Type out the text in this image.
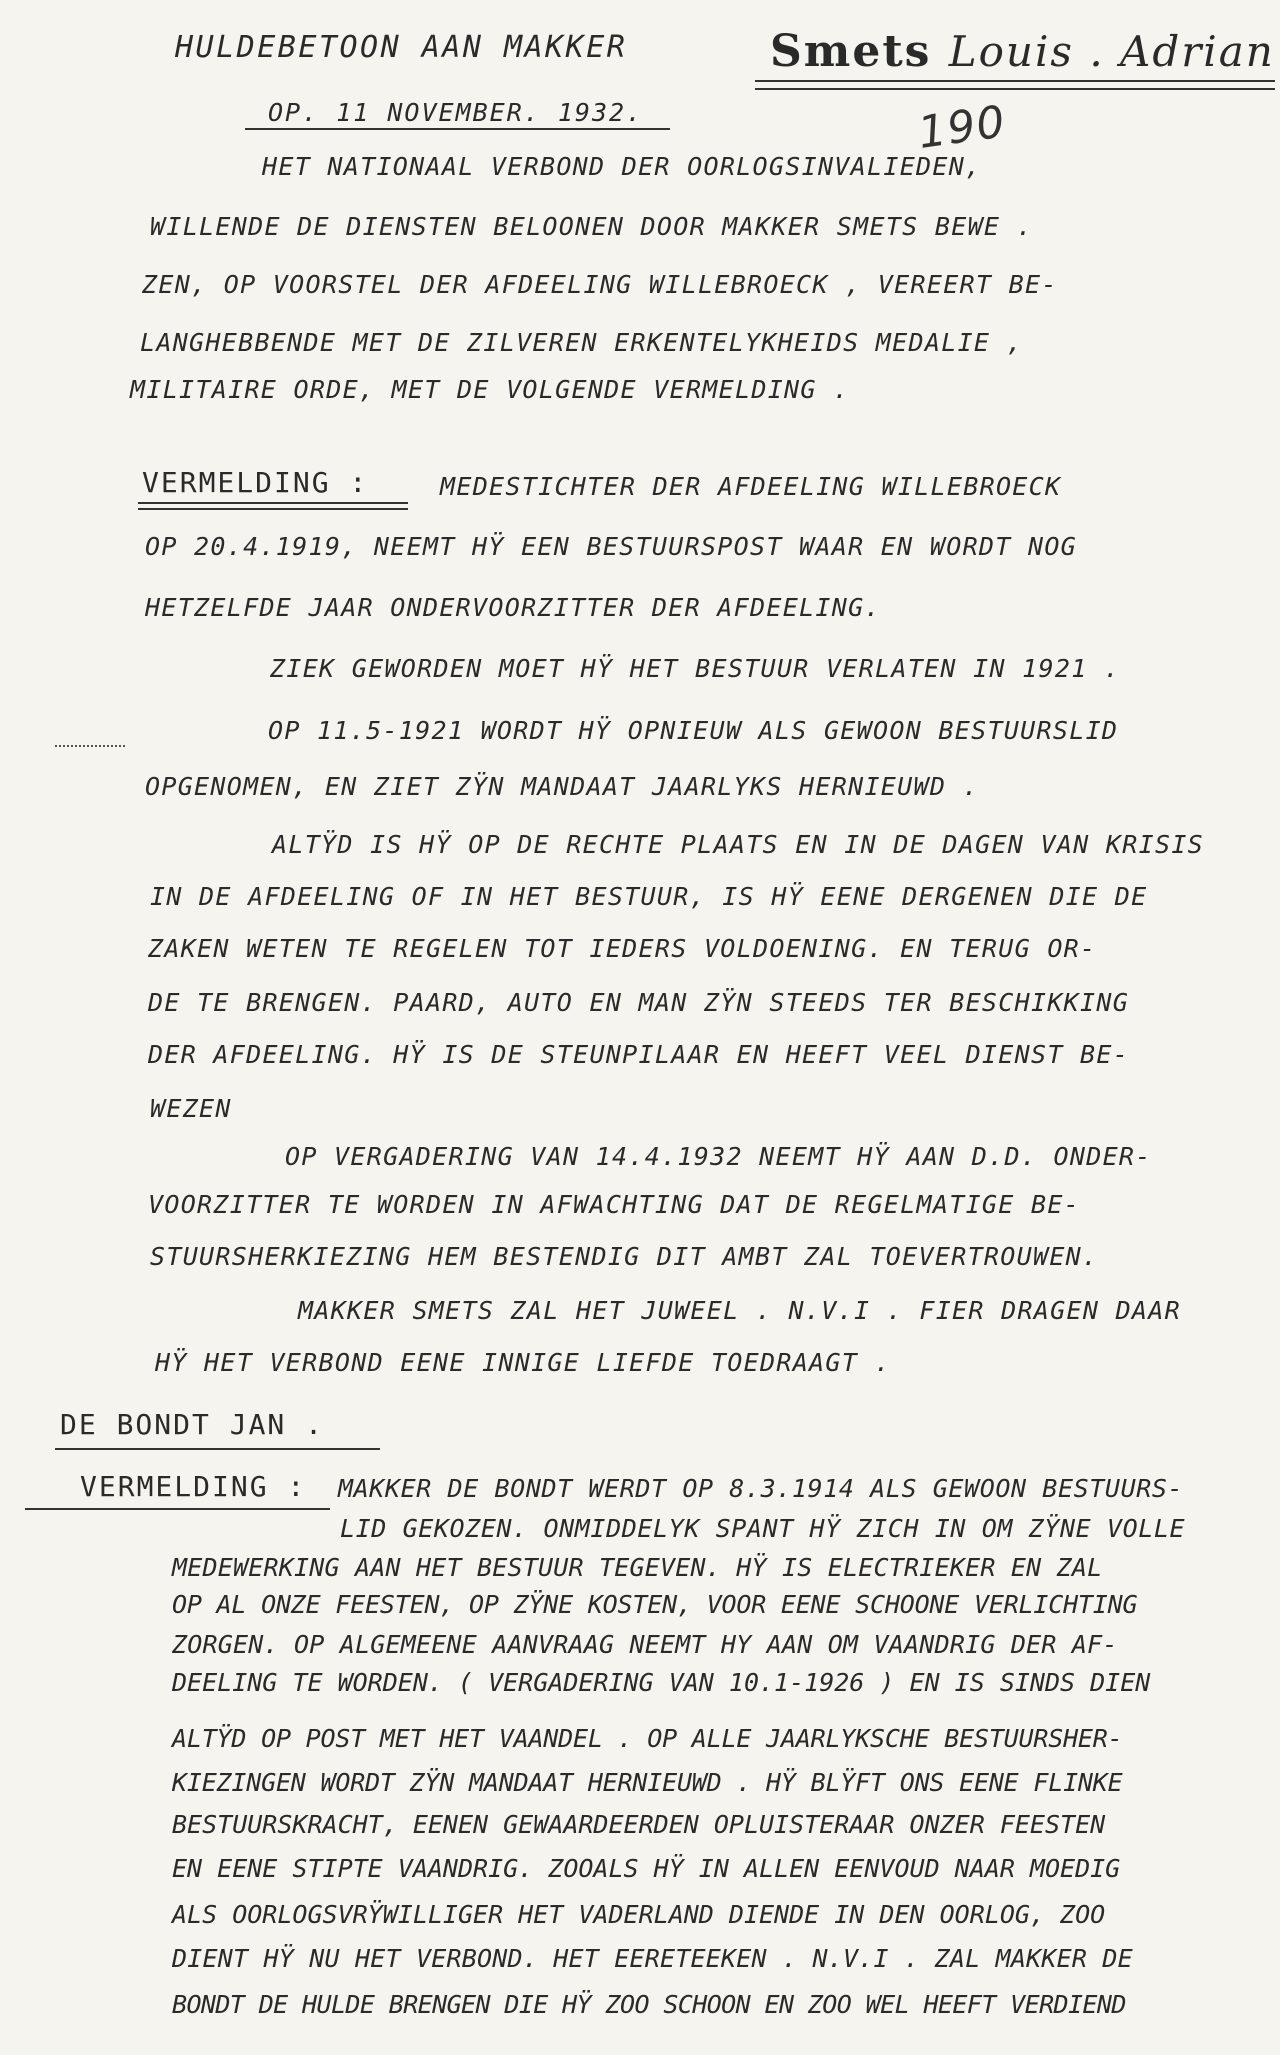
HULDEBETOON AAN MAKKER	Smets Louis . Adrian
OP. 11 NOVEMBER. 1932.	190
HET NATIONAAL VERBOND DER OORLOGSINVALIEDEN,
WILLENDE DE DIENSTEN BELOONEN DOOR MAKKER SMETS BEWE .
ZEN, OP VOORSTEL DER AFDEELING WILLEBROECK , VEREERT BE-
LANGHEBBENDE MET DE ZILVEREN ERKENTELYKHEIDS MEDALIE ,
MILITAIRE ORDE, MET DE VOLGENDE VERMELDING .
VERMELDING :	MEDESTICHTER DER AFDEELING WILLEBROECK
OP 20.4.1919, NEEMT HŸ EEN BESTUURSPOST WAAR EN WORDT NOG
HETZELFDE JAAR ONDERVOORZITTER DER AFDEELING.
ZIEK GEWORDEN MOET HŸ HET BESTUUR VERLATEN IN 1921 .
OP 11.5-1921 WORDT HŸ OPNIEUW ALS GEWOON BESTUURSLID
OPGENOMEN, EN ZIET ZŸN MANDAAT JAARLYKS HERNIEUWD .
ALTŸD IS HŸ OP DE RECHTE PLAATS EN IN DE DAGEN VAN KRISIS
IN DE AFDEELING OF IN HET BESTUUR, IS HŸ EENE DERGENEN DIE DE
ZAKEN WETEN TE REGELEN TOT IEDERS VOLDOENING. EN TERUG OR-
DE TE BRENGEN. PAARD, AUTO EN MAN ZŸN STEEDS TER BESCHIKKING
DER AFDEELING. HŸ IS DE STEUNPILAAR EN HEEFT VEEL DIENST BE-
WEZEN
OP VERGADERING VAN 14.4.1932 NEEMT HŸ AAN D.D. ONDER-
VOORZITTER TE WORDEN IN AFWACHTING DAT DE REGELMATIGE BE-
STUURSHERKIEZING HEM BESTENDIG DIT AMBT ZAL TOEVERTROUWEN.
MAKKER SMETS ZAL HET JUWEEL . N.V.I . FIER DRAGEN DAAR
HŸ HET VERBOND EENE INNIGE LIEFDE TOEDRAAGT .
DE BONDT JAN .
VERMELDING : MAKKER DE BONDT WERDT OP 8.3.1914 ALS GEWOON BESTUURS-
LID GEKOZEN. ONMIDDELYK SPANT HŸ ZICH IN OM ZŸNE VOLLE
MEDEWERKING AAN HET BESTUUR TEGEVEN. HŸ IS ELECTRIEKER EN ZAL
OP AL ONZE FEESTEN, OP ZŸNE KOSTEN, VOOR EENE SCHOONE VERLICHTING
ZORGEN. OP ALGEMEENE AANVRAAG NEEMT HY AAN OM VAANDRIG DER AF-
DEELING TE WORDEN. ( VERGADERING VAN 10.1-1926 ) EN IS SINDS DIEN
ALTŸD OP POST MET HET VAANDEL . OP ALLE JAARLYKSCHE BESTUURSHER-
KIEZINGEN WORDT ZŸN MANDAAT HERNIEUWD . HŸ BLŸFT ONS EENE FLINKE
BESTUURSKRACHT, EENEN GEWAARDEERDEN OPLUISTERAAR ONZER FEESTEN
EN EENE STIPTE VAANDRIG. ZOOALS HŸ IN ALLEN EENVOUD NAAR MOEDIG
ALS OORLOGSVRŸWILLIGER HET VADERLAND DIENDE IN DEN OORLOG, ZOO
DIENT HŸ NU HET VERBOND. HET EERETEEKEN . N.V.I . ZAL MAKKER DE
BONDT DE HULDE BRENGEN DIE HŸ ZOO SCHOON EN ZOO WEL HEEFT VERDIEND
